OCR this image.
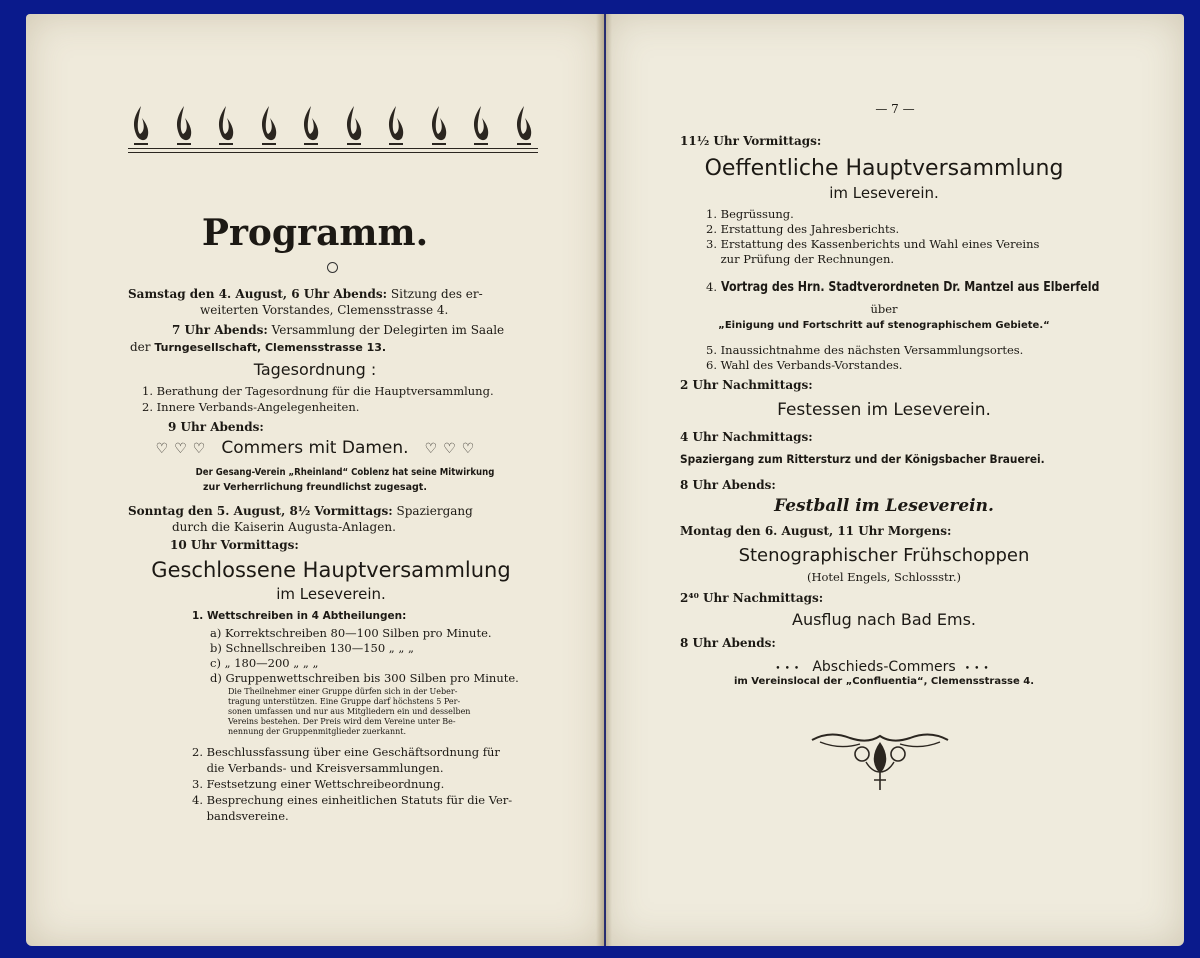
Programm.
Samstag den 4. August, 6 Uhr Abends: Sitzung des er-
weiterten Vorstandes, Clemensstrasse 4.
7 Uhr Abends: Versammlung der Delegirten im Saale
der Turngesellschaft, Clemensstrasse 13.
Tagesordnung :
1. Berathung der Tagesordnung für die Hauptversammlung.
2. Innere Verbands-Angelegenheiten.
9 Uhr Abends:
♡ ♡ ♡ Commers mit Damen. ♡ ♡ ♡
Der Gesang-Verein „Rheinland“ Coblenz hat seine Mitwirkung
zur Verherrlichung freundlichst zugesagt.
Sonntag den 5. August, 8½ Vormittags: Spaziergang
durch die Kaiserin Augusta-Anlagen.
10 Uhr Vormittags:
Geschlossene Hauptversammlung
im Leseverein.
1. Wettschreiben in 4 Abtheilungen:
a) Korrektschreiben 80—100 Silben pro Minute.
b) Schnellschreiben 130—150 „ „ „
c) „ 180—200 „ „ „
d) Gruppenwettschreiben bis 300 Silben pro Minute.
Die Theilnehmer einer Gruppe dürfen sich in der Ueber-
tragung unterstützen. Eine Gruppe darf höchstens 5 Per-
sonen umfassen und nur aus Mitgliedern ein und desselben
Vereins bestehen. Der Preis wird dem Vereine unter Be-
nennung der Gruppenmitglieder zuerkannt.
2. Beschlussfassung über eine Geschäftsordnung für
die Verbands- und Kreisversammlungen.
3. Festsetzung einer Wettschreibeordnung.
4. Besprechung eines einheitlichen Statuts für die Ver-
bandsvereine.
— 7 —
11½ Uhr Vormittags:
Oeffentliche Hauptversammlung
im Leseverein.
1. Begrüssung.
2. Erstattung des Jahresberichts.
3. Erstattung des Kassenberichts und Wahl eines Vereins
zur Prüfung der Rechnungen.
4. Vortrag des Hrn. Stadtverordneten Dr. Mantzel aus Elberfeld
über
„Einigung und Fortschritt auf stenographischem Gebiete.“
5. Inaussichtnahme des nächsten Versammlungsortes.
6. Wahl des Verbands-Vorstandes.
2 Uhr Nachmittags:
Festessen im Leseverein.
4 Uhr Nachmittags:
Spaziergang zum Rittersturz und der Königsbacher Brauerei.
8 Uhr Abends:
Festball im Leseverein.
Montag den 6. August, 11 Uhr Morgens:
Stenographischer Frühschoppen
(Hotel Engels, Schlossstr.)
2⁴⁰ Uhr Nachmittags:
Ausflug nach Bad Ems.
8 Uhr Abends:
••• Abschieds-Commers •••
im Vereinslocal der „Confluentia“, Clemensstrasse 4.
